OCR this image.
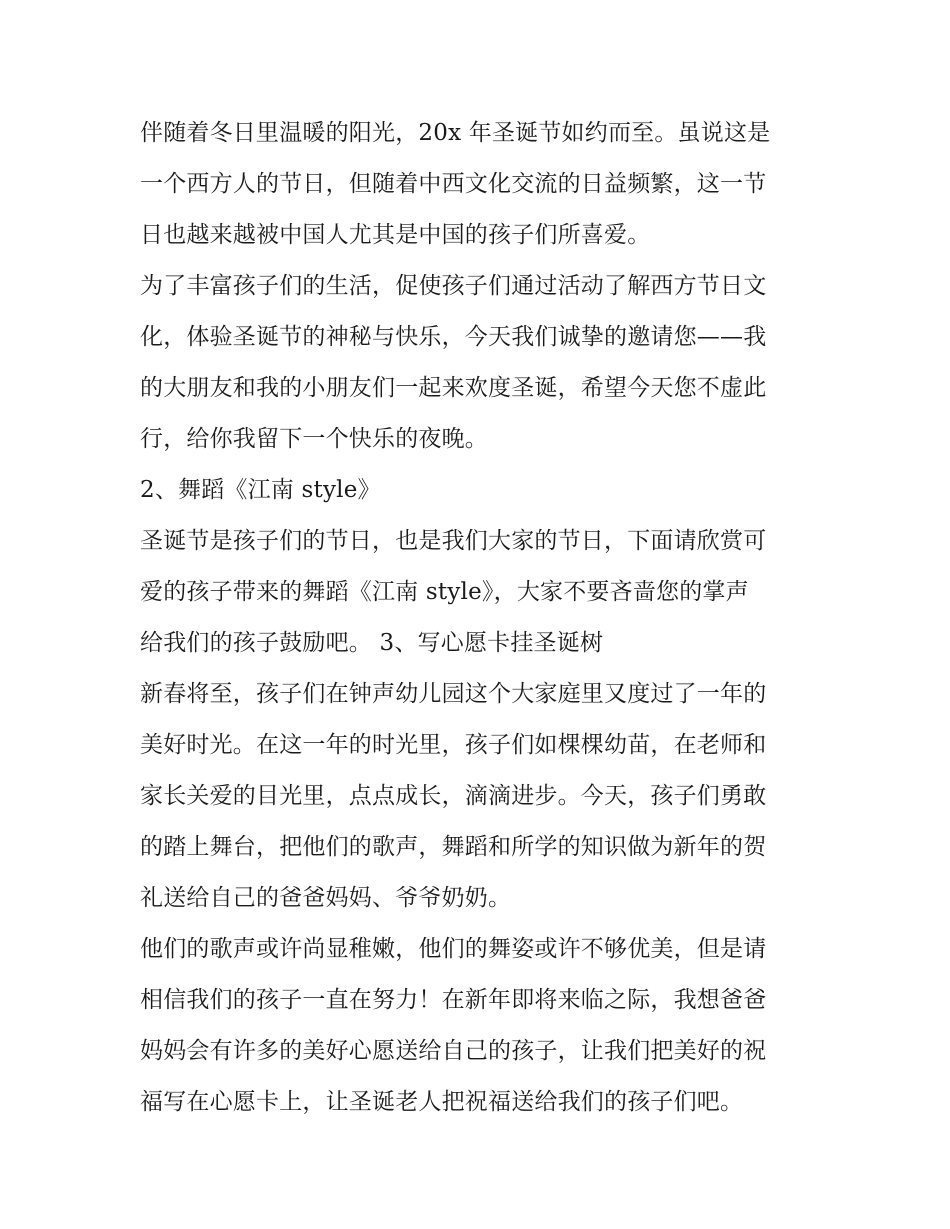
伴随着冬日里温暖的阳光，20x 年圣诞节如约而至。虽说这是
一个西方人的节日，但随着中西文化交流的日益频繁，这一节
日也越来越被中国人尤其是中国的孩子们所喜爱。
为了丰富孩子们的生活，促使孩子们通过活动了解西方节日文
化，体验圣诞节的神秘与快乐，今天我们诚挚的邀请您——我
的大朋友和我的小朋友们一起来欢度圣诞，希望今天您不虚此
行，给你我留下一个快乐的夜晚。
2、舞蹈《江南 style》
圣诞节是孩子们的节日，也是我们大家的节日，下面请欣赏可
爱的孩子带来的舞蹈《江南 style》，大家不要吝啬您的掌声
给我们的孩子鼓励吧。 3、写心愿卡挂圣诞树
新春将至，孩子们在钟声幼儿园这个大家庭里又度过了一年的
美好时光。在这一年的时光里，孩子们如棵棵幼苗，在老师和
家长关爱的目光里，点点成长，滴滴进步。今天，孩子们勇敢
的踏上舞台，把他们的歌声，舞蹈和所学的知识做为新年的贺
礼送给自己的爸爸妈妈、爷爷奶奶。
他们的歌声或许尚显稚嫩，他们的舞姿或许不够优美，但是请
相信我们的孩子一直在努力！在新年即将来临之际，我想爸爸
妈妈会有许多的美好心愿送给自己的孩子，让我们把美好的祝
福写在心愿卡上，让圣诞老人把祝福送给我们的孩子们吧。
